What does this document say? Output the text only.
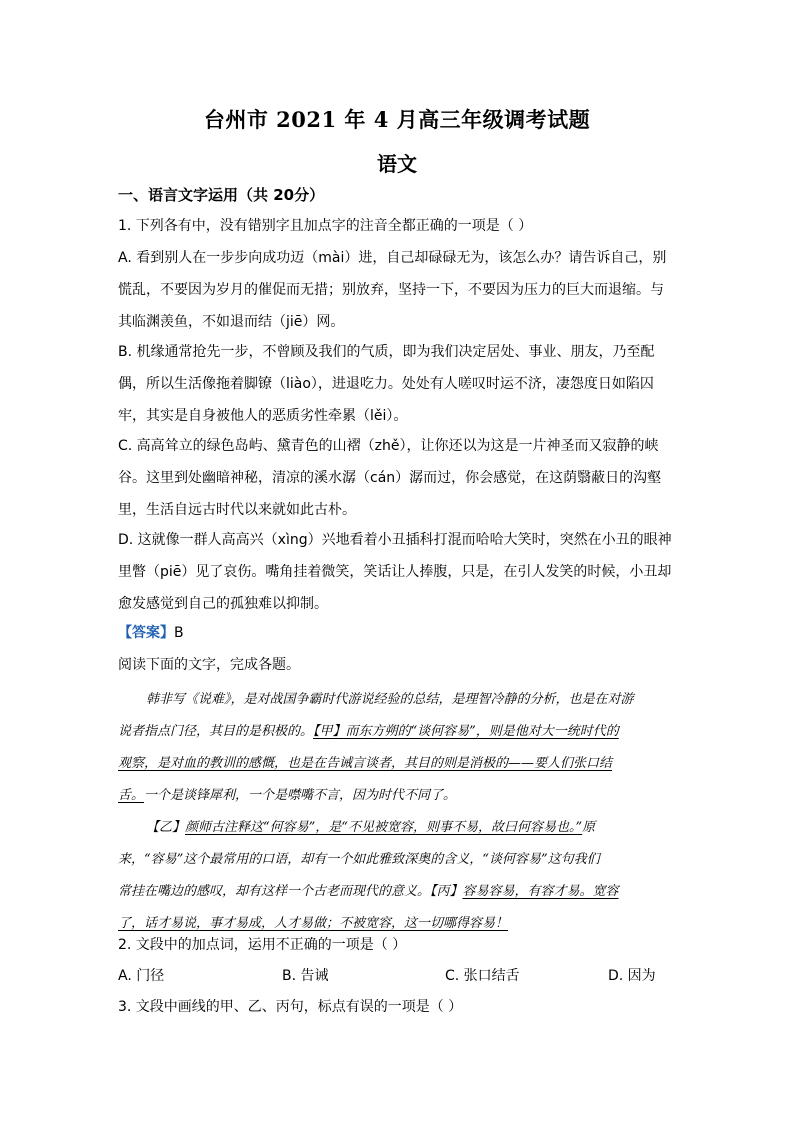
台州市 2021 年 4 月高三年级调考试题
语文
一、语言文字运用（共 20分）
1. 下列各有中，没有错别字且加点字的注音全都正确的一项是（ ）
A. 看到别人在一步步向成功迈（mài）进，自己却碌碌无为，该怎么办？请告诉自己，别
慌乱，不要因为岁月的催促而无措；别放弃，坚持一下，不要因为压力的巨大而退缩。与
其临渊羡鱼，不如退而结（jiē）网。
B. 机缘通常抢先一步，不曾顾及我们的气质，即为我们决定居处、事业、朋友，乃至配
偶，所以生活像拖着脚镣（liào），进退吃力。处处有人嗟叹时运不济，凄怨度日如陷囚
牢，其实是自身被他人的恶质劣性牵累（lěi）。
C. 高高耸立的绿色岛屿、黛青色的山褶（zhě），让你还以为这是一片神圣而又寂静的峡
谷。这里到处幽暗神秘，清凉的溪水潺（cán）潺而过，你会感觉，在这荫翳蔽日的沟壑
里，生活自远古时代以来就如此古朴。
D. 这就像一群人高高兴（xìng）兴地看着小丑插科打混而哈哈大笑时，突然在小丑的眼神
里瞥（piē）见了哀伤。嘴角挂着微笑，笑话让人捧腹，只是，在引人发笑的时候，小丑却
愈发感觉到自己的孤独难以抑制。
【答案】B
阅读下面的文字，完成各题。
韩非写《说难》，是对战国争霸时代游说经验的总结，是理智冷静的分析，也是在对游
说者指点门径，其目的是积极的。【甲】而东方朔的“谈何容易”，则是他对大一统时代的
观察，是对血的教训的感慨，也是在告诫言谈者，其目的则是消极的——要人们张口结
舌。一个是谈锋犀利，一个是噤嘴不言，因为时代不同了。
【乙】颜师古注释这“何容易”，是“不见被宽容，则事不易，故曰何容易也。”原
来，“容易”这个最常用的口语，却有一个如此雅致深奥的含义，“谈何容易”这句我们
常挂在嘴边的感叹，却有这样一个古老而现代的意义。【丙】容易容易，有容才易。宽容
了，话才易说，事才易成，人才易做；不被宽容，这一切哪得容易！
2. 文段中的加点词，运用不正确的一项是（ ）
A. 门径	B. 告诫	C. 张口结舌	D. 因为
3. 文段中画线的甲、乙、丙句，标点有误的一项是（ ）
